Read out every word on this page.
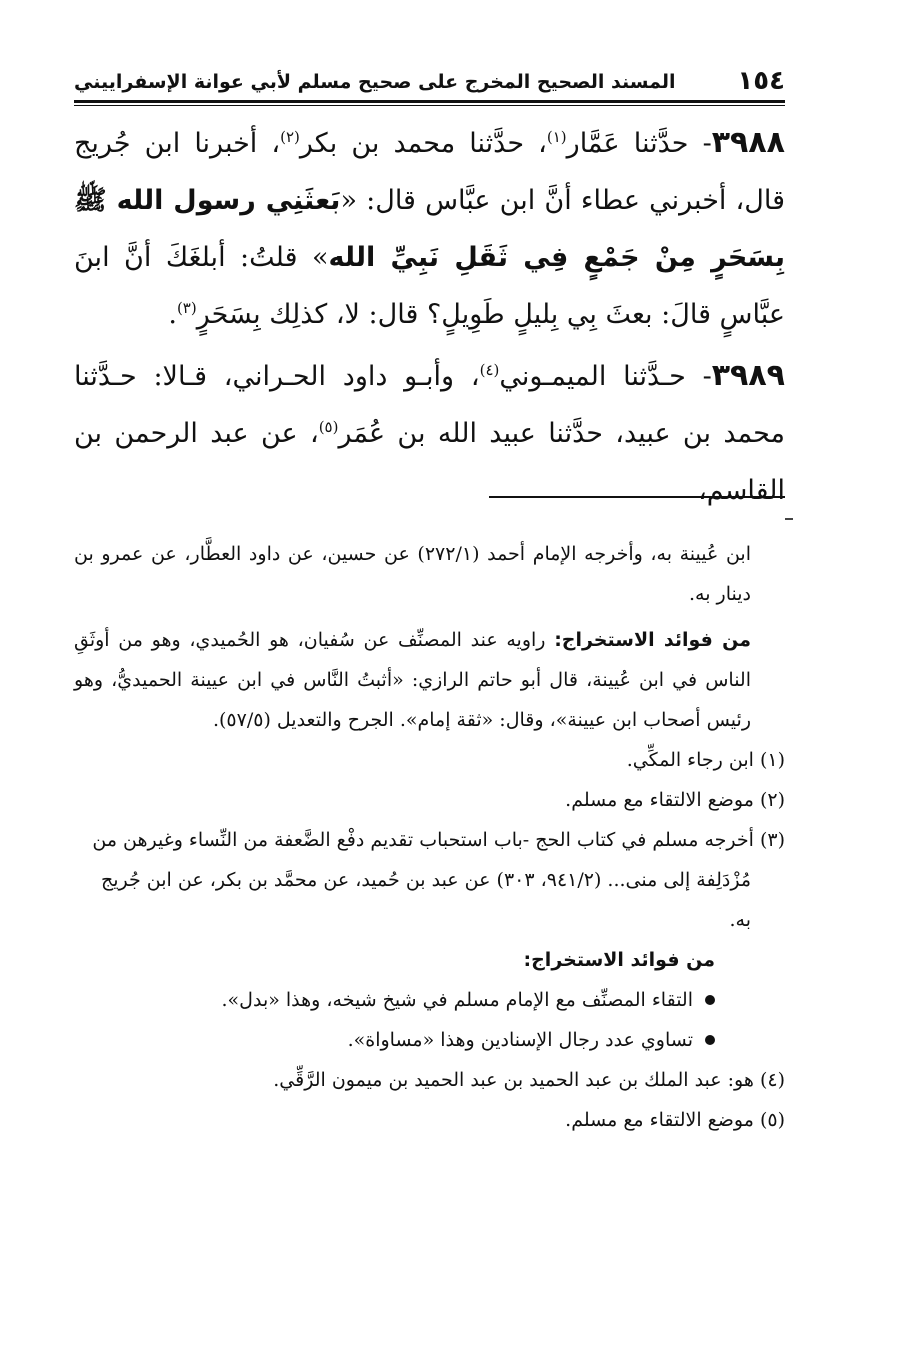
١٥٤
المسند الصحيح المخرج على صحيح مسلم لأبي عوانة الإسفراييني

٣٩٨٨- حدَّثنا عَمَّار$^{(١)}$، حدَّثنا محمد بن بكر$^{(٢)}$، أخبرنا ابن جُريج قال، أخبرني عطاء أنَّ ابن عبَّاس قال: «بَعثَنِي رسول الله ﷺ بِسَحَرٍ مِنْ جَمْعٍ فِي ثَقَلِ نَبِيِّ الله» قلتُ: أبلغَكَ أنَّ ابنَ عبَّاسٍ قالَ: بعثَ بِي بِليلٍ طَوِيلٍ؟ قال: لا، كذلِك بِسَحَرٍ$^{(٣)}$.

٣٩٨٩- حـدَّثنا الميمـوني$^{(٤)}$، وأبـو داود الحـراني، قـالا: حـدَّثنا محمد بن عبيد، حدَّثنا عبيد الله بن عُمَر$^{(٥)}$، عن عبد الرحمن بن القاسم،

ابن عُيينة به، وأخرجه الإمام أحمد (٢٧٢/١) عن حسين، عن داود العطَّار، عن عمرو بن دينار به.

من فوائد الاستخراج: راويه عند المصنِّف عن سُفيان، هو الحُميدي، وهو من أوثَقِ الناس في ابن عُيينة، قال أبو حاتم الرازي: «أثبتُ النَّاس في ابن عيينة الحميديُّ، وهو رئيس أصحاب ابن عيينة»، وقال: «ثقة إمام». الجرح والتعديل (٥٧/٥).

(١) ابن رجاء المكِّي.

(٢) موضع الالتقاء مع مسلم.

(٣) أخرجه مسلم في كتاب الحج -باب استحباب تقديم دفْع الضَّعفة من النِّساء وغيرهن من مُزْدَلِفة إلى منى... (٩٤١/٢، ٣٠٣) عن عبد بن حُميد، عن محمَّد بن بكر، عن ابن جُريج به.

من فوائد الاستخراج:

التقاء المصنِّف مع الإمام مسلم في شيخ شيخه، وهذا «بدل».
تساوي عدد رجال الإسنادين وهذا «مساواة».

(٤) هو: عبد الملك بن عبد الحميد بن عبد الحميد بن ميمون الرَّقِّي.

(٥) موضع الالتقاء مع مسلم.
